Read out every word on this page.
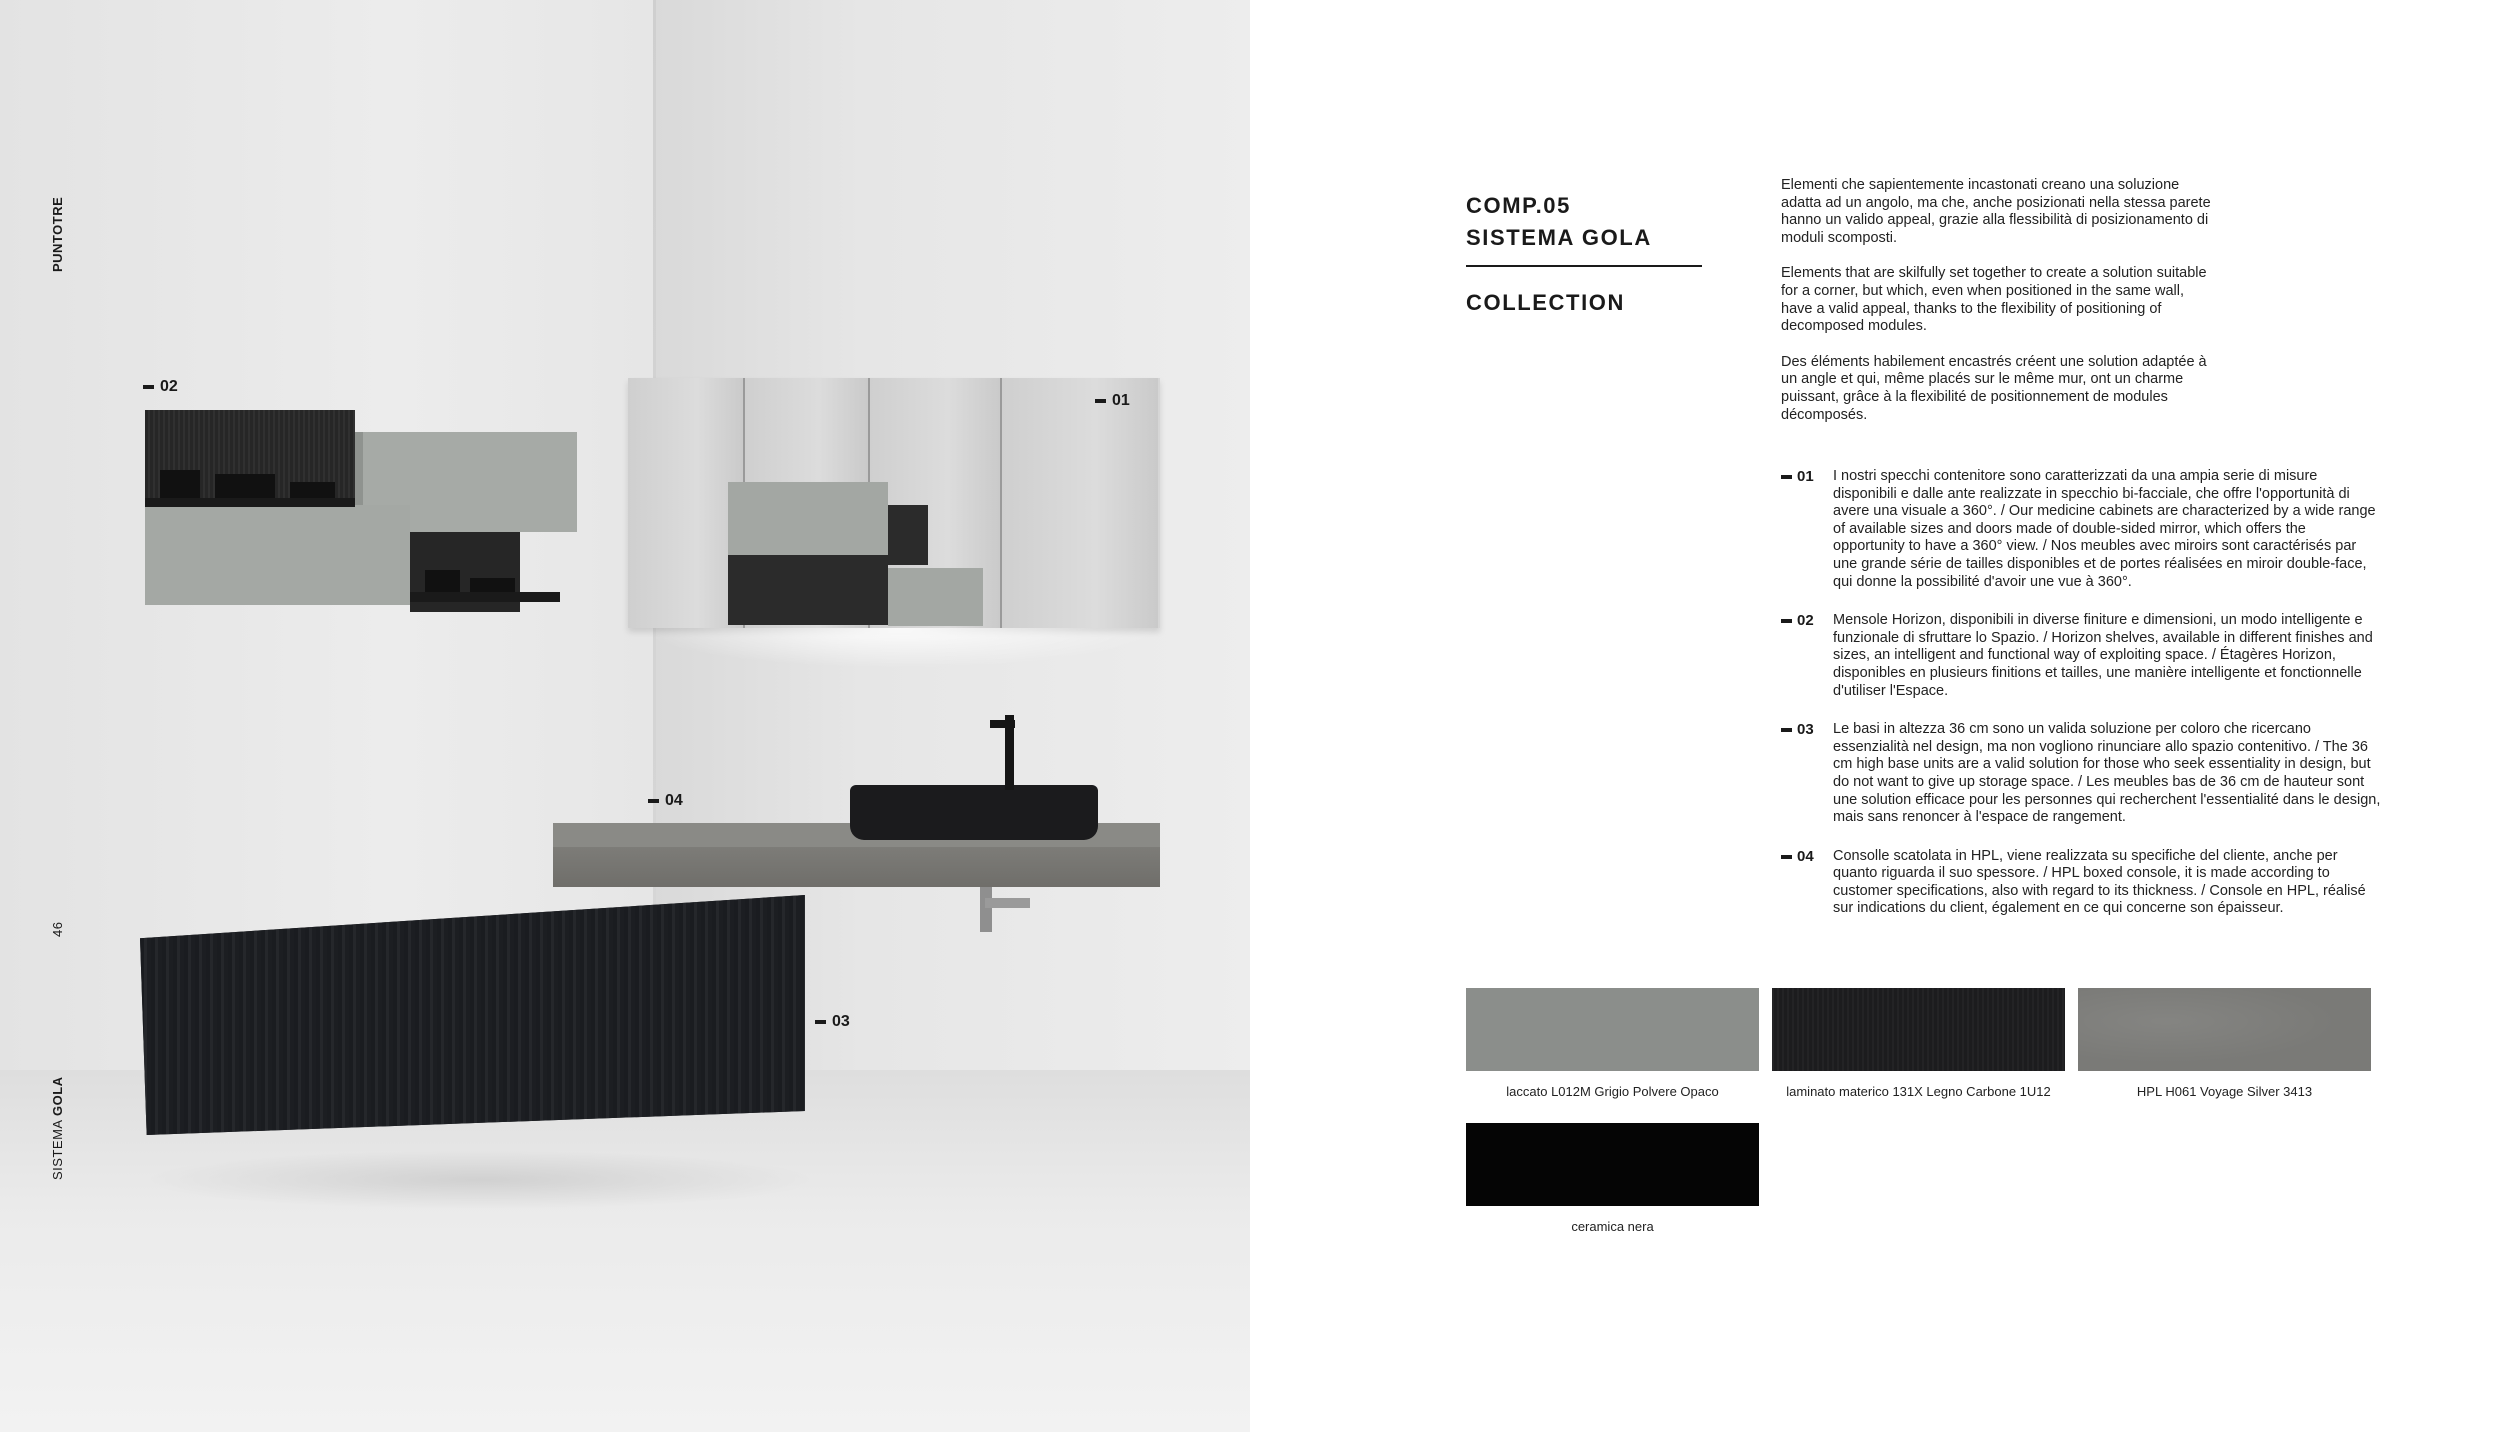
02
01
04
03
PUNTOTRE
46
SISTEMA GOLA
COMP.05
SISTEMA GOLA
COLLECTION

Elementi che sapientemente incastonati creano una soluzione adatta ad un angolo, ma che, anche posizionati nella stessa parete hanno un valido appeal, grazie alla flessibilità di posizionamento di moduli scomposti.

Elements that are skilfully set together to create a solution suitable for a corner, but which, even when positioned in the same wall, have a valid appeal, thanks to the flexibility of positioning of decomposed modules.

Des éléments habilement encastrés créent une solution adaptée à un angle et qui, même placés sur le même mur, ont un charme puissant, grâce à la flexibilité de positionnement de modules décomposés.

01 I nostri specchi contenitore sono caratterizzati da una ampia serie di misure disponibili e dalle ante realizzate in specchio bi-facciale, che offre l'opportunità di avere una visuale a 360°. / Our medicine cabinets are characterized by a wide range of available sizes and doors made of double-sided mirror, which offers the opportunity to have a 360° view. / Nos meubles avec miroirs sont caractérisés par une grande série de tailles disponibles et de portes réalisées en miroir double-face, qui donne la possibilité d'avoir une vue à 360°.
02 Mensole Horizon, disponibili in diverse finiture e dimensioni, un modo intelligente e funzionale di sfruttare lo Spazio. / Horizon shelves, available in different finishes and sizes, an intelligent and functional way of exploiting space. / Étagères Horizon, disponibles en plusieurs finitions et tailles, une manière intelligente et fonctionnelle d'utiliser l'Espace.
03 Le basi in altezza 36 cm sono un valida soluzione per coloro che ricercano essenzialità nel design, ma non vogliono rinunciare allo spazio contenitivo. / The 36 cm high base units are a valid solution for those who seek essentiality in design, but do not want to give up storage space. / Les meubles bas de 36 cm de hauteur sont une solution efficace pour les personnes qui recherchent l'essentialité dans le design, mais sans renoncer à l'espace de rangement.
04 Consolle scatolata in HPL, viene realizzata su specifiche del cliente, anche per quanto riguarda il suo spessore. / HPL boxed console, it is made according to customer specifications, also with regard to its thickness. / Console en HPL, réalisé sur indications du client, également en ce qui concerne son épaisseur.
laccato L012M Grigio Polvere Opaco	laminato materico 131X Legno Carbone 1U12	HPL H061 Voyage Silver 3413
ceramica nera
